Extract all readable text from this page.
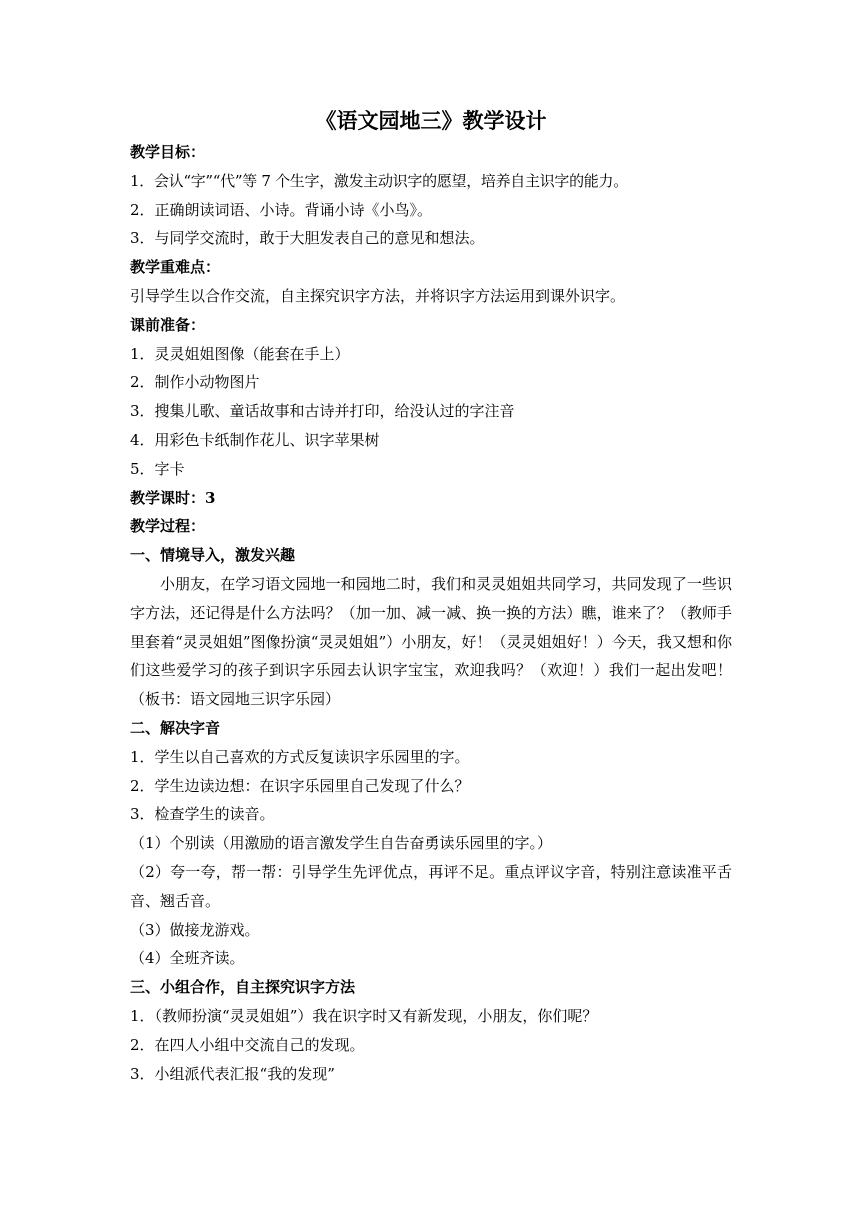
《语文园地三》教学设计

教学目标：

1．会认“字”“代”等 7 个生字，激发主动识字的愿望，培养自主识字的能力。

2．正确朗读词语、小诗。背诵小诗《小鸟》。

3．与同学交流时，敢于大胆发表自己的意见和想法。

教学重难点：

引导学生以合作交流，自主探究识字方法，并将识字方法运用到课外识字。

课前准备：

1．灵灵姐姐图像（能套在手上）

2．制作小动物图片

3．搜集儿歌、童话故事和古诗并打印，给没认过的字注音

4．用彩色卡纸制作花儿、识字苹果树

5．字卡

教学课时：3

教学过程：

一、情境导入，激发兴趣

小朋友，在学习语文园地一和园地二时，我们和灵灵姐姐共同学习，共同发现了一些识字方法，还记得是什么方法吗？（加一加、减一减、换一换的方法）瞧，谁来了？（教师手里套着“灵灵姐姐”图像扮演“灵灵姐姐”）小朋友，好！（灵灵姐姐好！）今天，我又想和你们这些爱学习的孩子到识字乐园去认识字宝宝，欢迎我吗？（欢迎！）我们一起出发吧！（板书：语文园地三识字乐园）

二、解决字音

1．学生以自己喜欢的方式反复读识字乐园里的字。

2．学生边读边想：在识字乐园里自己发现了什么？

3．检查学生的读音。

（1）个别读（用激励的语言激发学生自告奋勇读乐园里的字。）

（2）夸一夸，帮一帮：引导学生先评优点，再评不足。重点评议字音，特别注意读准平舌音、翘舌音。

（3）做接龙游戏。

（4）全班齐读。

三、小组合作，自主探究识字方法

1．（教师扮演“灵灵姐姐”）我在识字时又有新发现，小朋友，你们呢？

2．在四人小组中交流自己的发现。

3．小组派代表汇报“我的发现”
